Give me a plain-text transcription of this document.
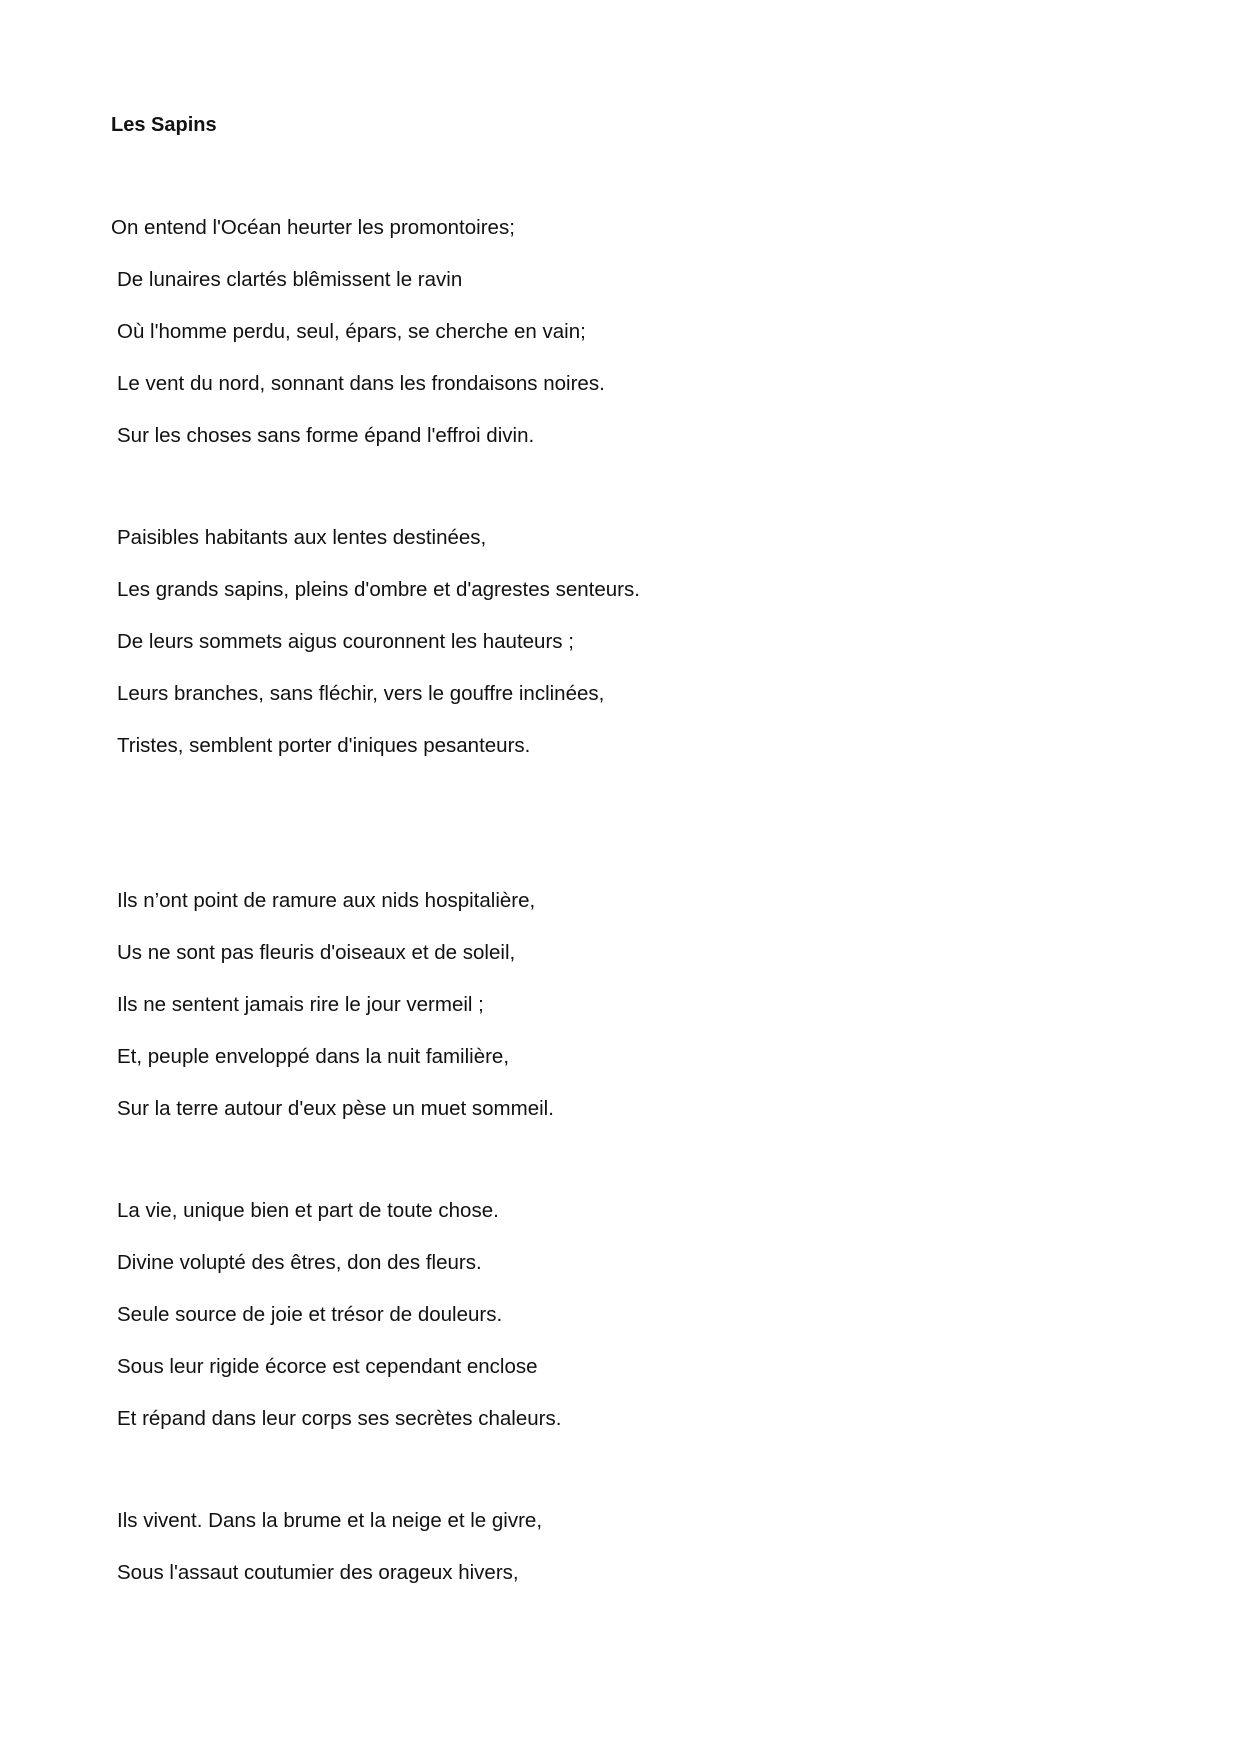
Les Sapins
On entend l'Océan heurter les promontoires;
De lunaires clartés blêmissent le ravin
Où l'homme perdu, seul, épars, se cherche en vain;
Le vent du nord, sonnant dans les frondaisons noires.
Sur les choses sans forme épand l'effroi divin.
Paisibles habitants aux lentes destinées,
Les grands sapins, pleins d'ombre et d'agrestes senteurs.
De leurs sommets aigus couronnent les hauteurs ;
Leurs branches, sans fléchir, vers le gouffre inclinées,
Tristes, semblent porter d'iniques pesanteurs.
Ils n’ont point de ramure aux nids hospitalière,
Us ne sont pas fleuris d'oiseaux et de soleil,
Ils ne sentent jamais rire le jour vermeil ;
Et, peuple enveloppé dans la nuit familière,
Sur la terre autour d'eux pèse un muet sommeil.
La vie, unique bien et part de toute chose.
Divine volupté des êtres, don des fleurs.
Seule source de joie et trésor de douleurs.
Sous leur rigide écorce est cependant enclose
Et répand dans leur corps ses secrètes chaleurs.
Ils vivent. Dans la brume et la neige et le givre,
Sous l'assaut coutumier des orageux hivers,
